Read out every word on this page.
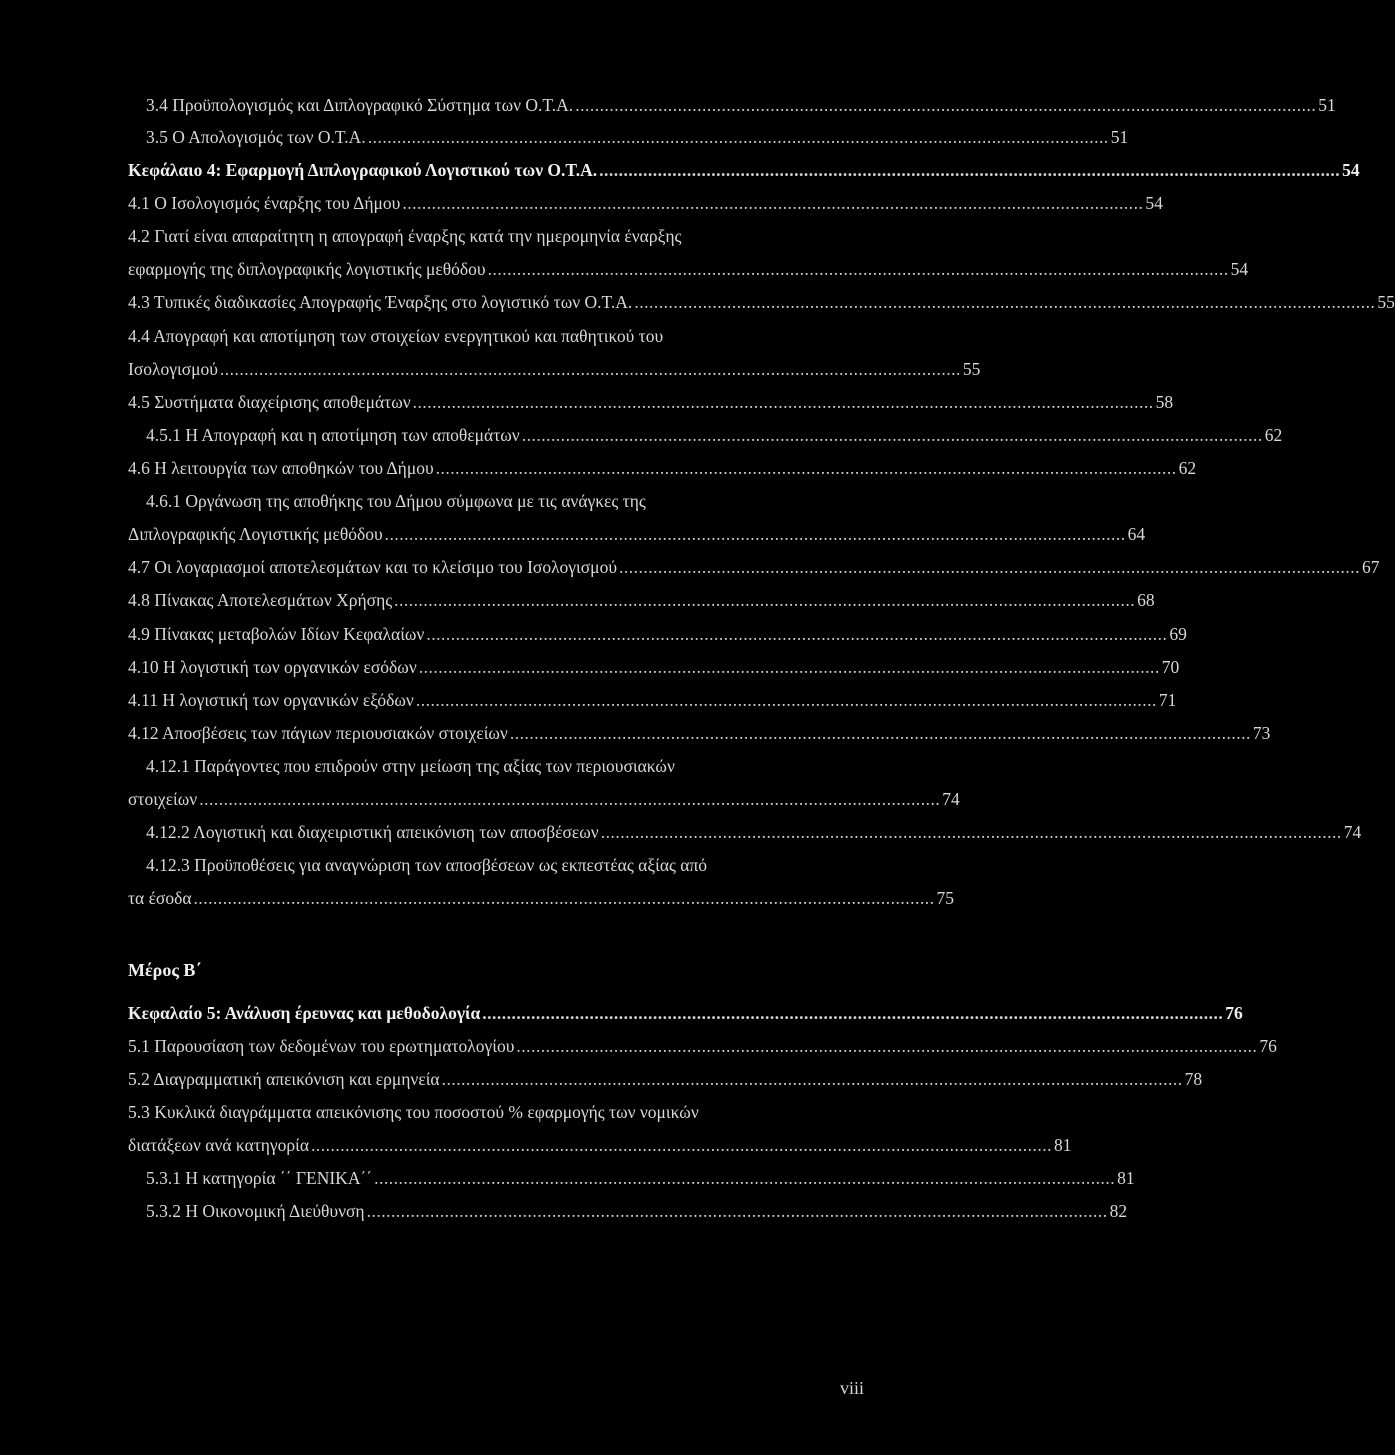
3.4 Προϋπολογισμός και Διπλογραφικό Σύστημα των Ο.Τ.Α. ........................................................................................................................................................ 51
3.5 Ο Απολογισμός των Ο.Τ.Α. ........................................................................................................................................................ 51
Κεφάλαιο 4: Εφαρμογή Διπλογραφικού Λογιστικού των Ο.Τ.Α. ........................................................................................................................................................ 54
4.1 Ο Ισολογισμός έναρξης του Δήμου ........................................................................................................................................................ 54
4.2 Γιατί είναι απαραίτητη η απογραφή έναρξης κατά την ημερομηνία έναρξης
εφαρμογής της διπλογραφικής λογιστικής μεθόδου ........................................................................................................................................................ 54
4.3 Τυπικές διαδικασίες Απογραφής Έναρξης στο λογιστικό των Ο.Τ.Α. ........................................................................................................................................................ 55
4.4 Απογραφή και αποτίμηση των στοιχείων ενεργητικού και παθητικού του
Ισολογισμού ........................................................................................................................................................ 55
4.5 Συστήματα διαχείρισης αποθεμάτων ........................................................................................................................................................ 58
4.5.1 Η Απογραφή και η αποτίμηση των αποθεμάτων ........................................................................................................................................................ 62
4.6 Η λειτουργία των αποθηκών του Δήμου ........................................................................................................................................................ 62
4.6.1 Οργάνωση της αποθήκης του Δήμου σύμφωνα με τις ανάγκες της
Διπλογραφικής Λογιστικής μεθόδου ........................................................................................................................................................ 64
4.7 Οι λογαριασμοί αποτελεσμάτων και το κλείσιμο του Ισολογισμού ........................................................................................................................................................ 67
4.8 Πίνακας Αποτελεσμάτων Χρήσης ........................................................................................................................................................ 68
4.9 Πίνακας μεταβολών Ιδίων Κεφαλαίων ........................................................................................................................................................ 69
4.10 Η λογιστική των οργανικών εσόδων ........................................................................................................................................................ 70
4.11 Η λογιστική των οργανικών εξόδων ........................................................................................................................................................ 71
4.12 Αποσβέσεις των πάγιων περιουσιακών στοιχείων ........................................................................................................................................................ 73
4.12.1 Παράγοντες που επιδρούν στην μείωση της αξίας των περιουσιακών
στοιχείων ........................................................................................................................................................ 74
4.12.2 Λογιστική και διαχειριστική απεικόνιση των αποσβέσεων ........................................................................................................................................................ 74
4.12.3 Προϋποθέσεις για αναγνώριση των αποσβέσεων ως εκπεστέας αξίας από
τα έσοδα ........................................................................................................................................................ 75
Μέρος Β΄
Κεφαλαίο 5: Ανάλυση έρευνας και μεθοδολογία ........................................................................................................................................................ 76
5.1 Παρουσίαση των δεδομένων του ερωτηματολογίου ........................................................................................................................................................ 76
5.2 Διαγραμματική απεικόνιση και ερμηνεία ........................................................................................................................................................ 78
5.3 Κυκλικά διαγράμματα απεικόνισης του ποσοστού % εφαρμογής των νομικών
διατάξεων ανά κατηγορία ........................................................................................................................................................ 81
5.3.1 Η κατηγορία ΄΄ ΓΕΝΙΚΑ΄΄ ........................................................................................................................................................ 81
5.3.2 Η Οικονομική Διεύθυνση ........................................................................................................................................................ 82
viii
